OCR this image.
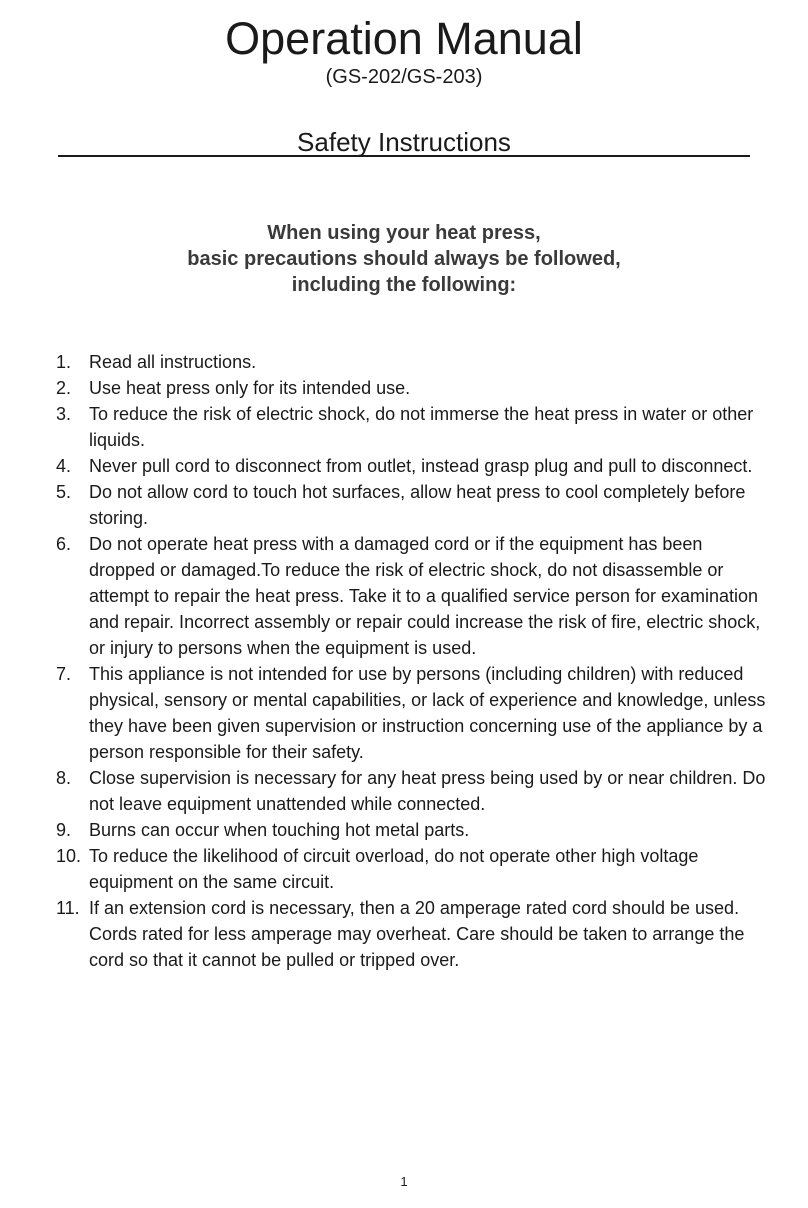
Operation Manual
(GS-202/GS-203)
Safety Instructions
When using your heat press,
basic precautions should always be followed,
including the following:
1. Read all instructions.
2. Use heat press only for its intended use.
3. To reduce the risk of electric shock, do not immerse the heat press in water or other liquids.
4. Never pull cord to disconnect from outlet, instead grasp plug and pull to disconnect.
5. Do not allow cord to touch hot surfaces, allow heat press to cool completely before storing.
6. Do not operate heat press with a damaged cord or if the equipment has been dropped or damaged.To reduce the risk of electric shock, do not disassemble or attempt to repair the heat press. Take it to a qualified service person for examination and repair. Incorrect assembly or repair could increase the risk of fire, electric shock, or injury to persons when the equipment is used.
7. This appliance is not intended for use by persons (including children) with reduced physical, sensory or mental capabilities, or lack of experience and knowledge, unless they have been given supervision or instruction concerning use of the appliance by a person responsible for their safety.
8. Close supervision is necessary for any heat press being used by or near children. Do not leave equipment unattended while connected.
9. Burns can occur when touching hot metal parts.
10. To reduce the likelihood of circuit overload, do not operate other high voltage equipment on the same circuit.
11. If an extension cord is necessary, then a 20 amperage rated cord should be used. Cords rated for less amperage may overheat. Care should be taken to arrange the cord so that it cannot be pulled or tripped over.
1
